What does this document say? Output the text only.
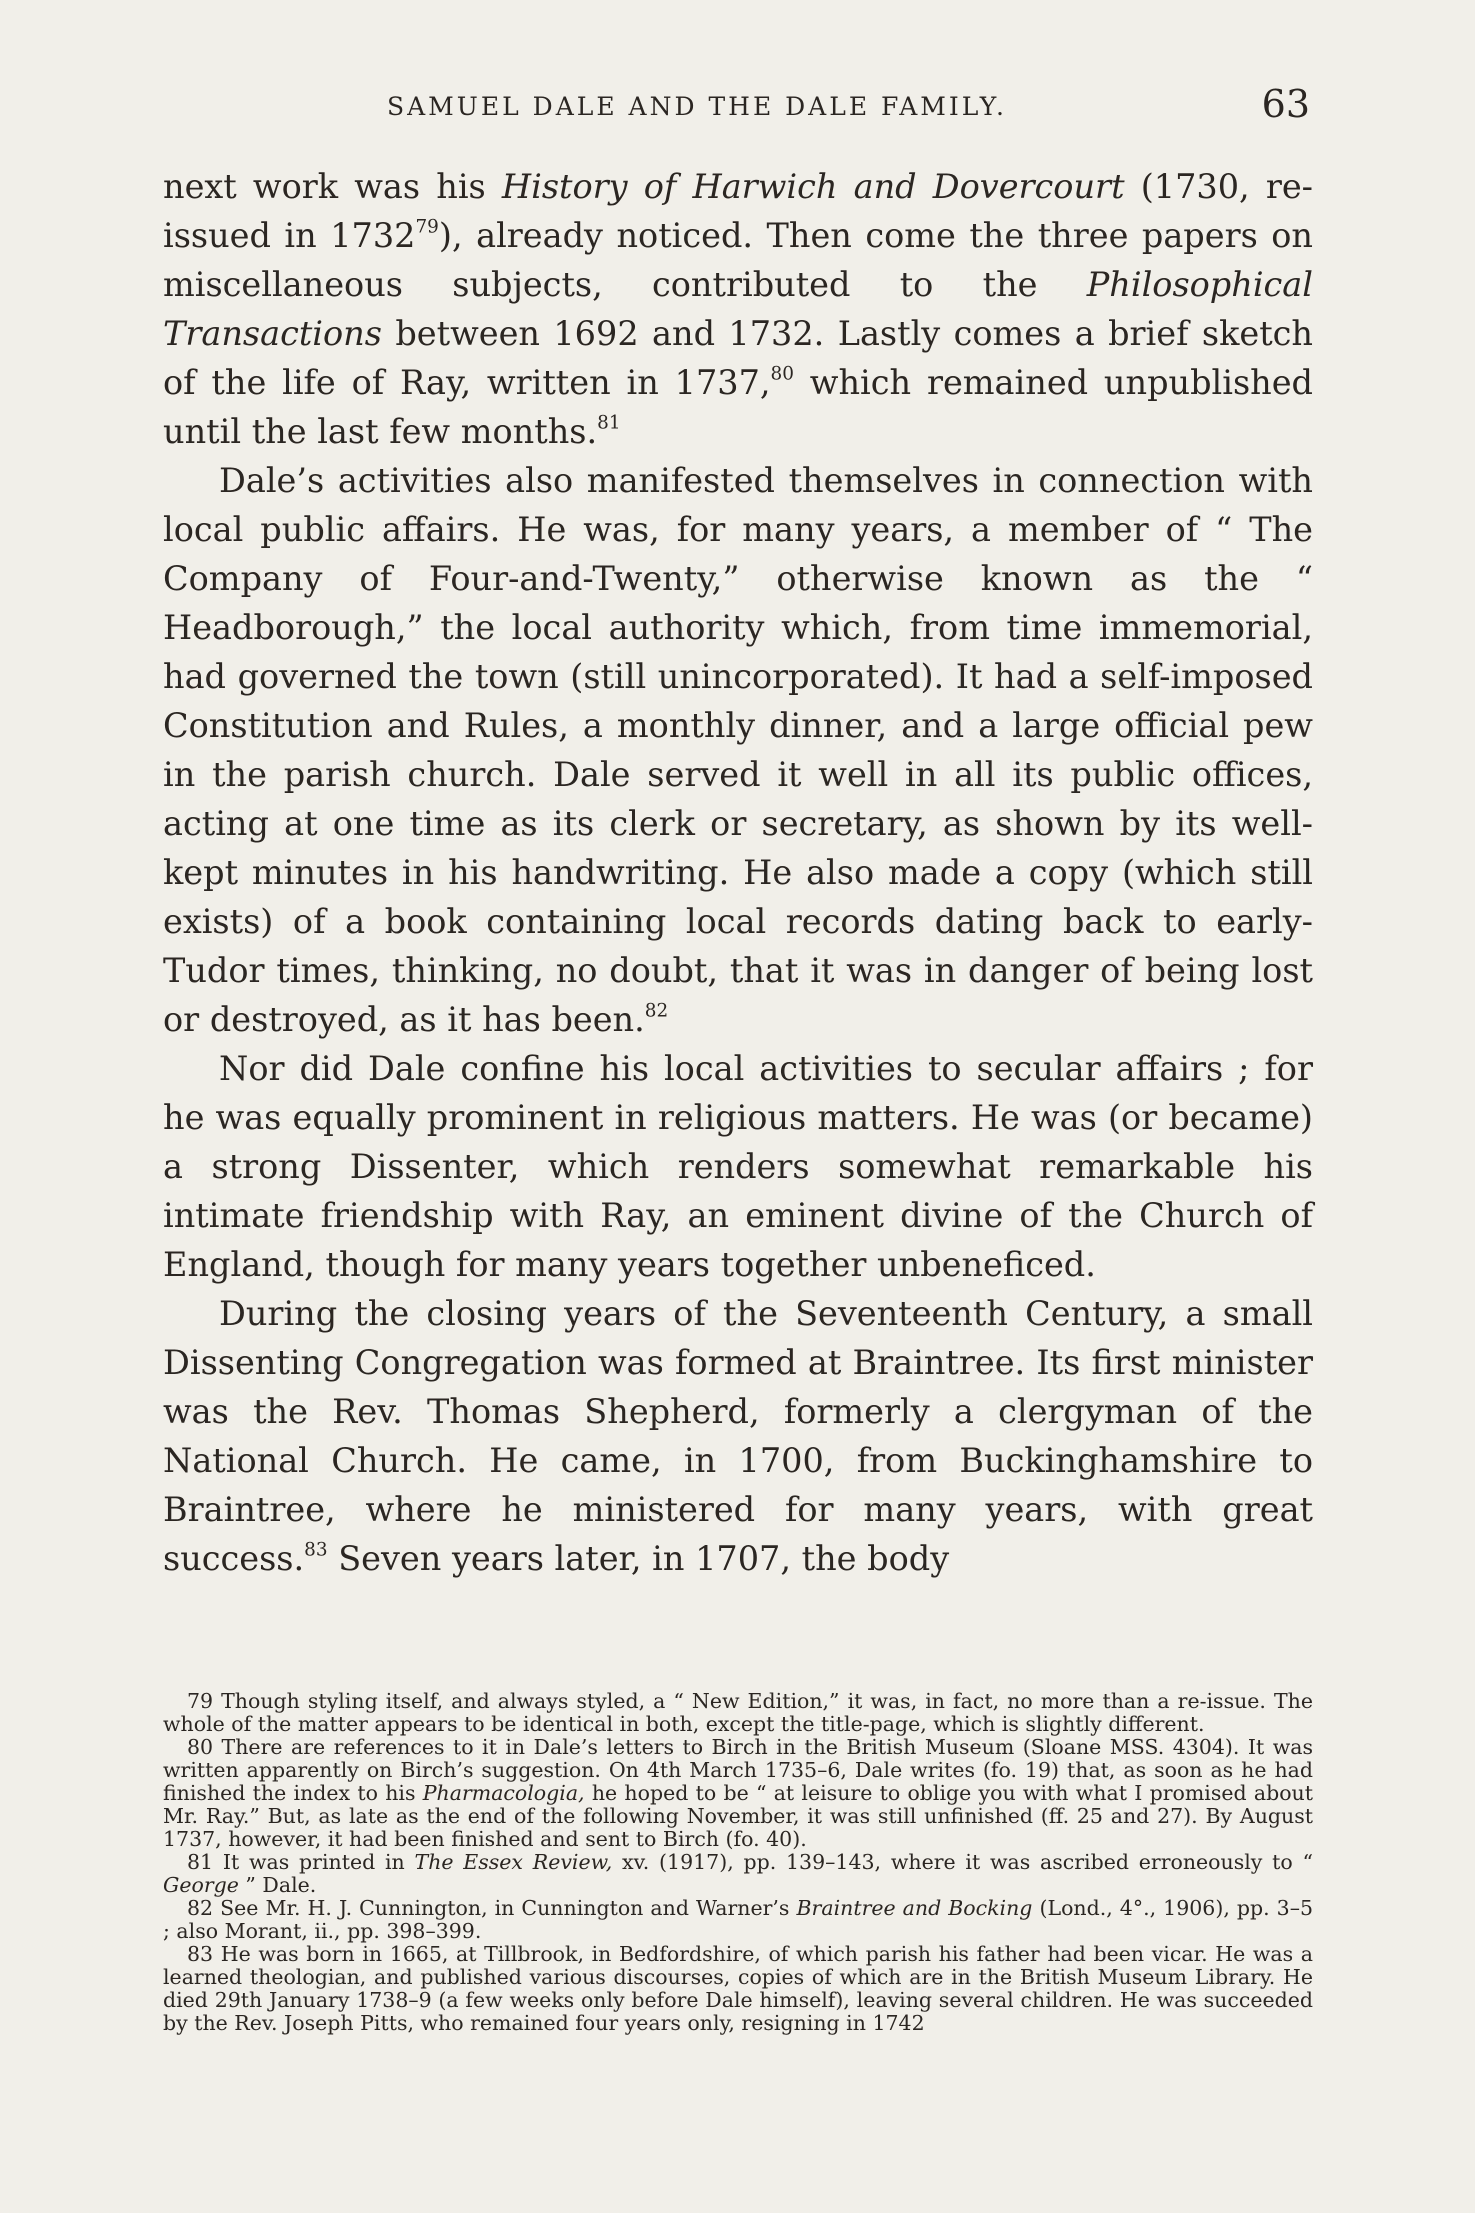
SAMUEL DALE AND THE DALE FAMILY.	63

next work was his History of Harwich and Dovercourt (1730, re-issued in 1732$^{79}$), already noticed. Then come the three papers on miscellaneous subjects, contributed to the Philosophical Transactions between 1692 and 1732. Lastly comes a brief sketch of the life of Ray, written in 1737,80 which remained unpublished until the last few months.$^{81}$

Dale’s activities also manifested themselves in connection with local public affairs. He was, for many years, a member of “ The Company of Four-and-Twenty,” otherwise known as the “ Headborough,” the local authority which, from time immemorial, had governed the town (still unincorporated). It had a self-imposed Constitution and Rules, a monthly dinner, and a large official pew in the parish church. Dale served it well in all its public offices, acting at one time as its clerk or secretary, as shown by its well-kept minutes in his handwriting. He also made a copy (which still exists) of a book containing local records dating back to early-Tudor times, thinking, no doubt, that it was in danger of being lost or destroyed, as it has been.$^{82}$

Nor did Dale confine his local activities to secular affairs ; for he was equally prominent in religious matters. He was (or became) a strong Dissenter, which renders somewhat remarkable his intimate friendship with Ray, an eminent divine of the Church of England, though for many years together unbeneficed.

During the closing years of the Seventeenth Century, a small Dissenting Congregation was formed at Braintree. Its first minister was the Rev. Thomas Shepherd, formerly a clergyman of the National Church. He came, in 1700, from Buckinghamshire to Braintree, where he ministered for many years, with great success.$^{83}$ Seven years later, in 1707, the body

79 Though styling itself, and always styled, a “ New Edition,” it was, in fact, no more than a re-issue. The whole of the matter appears to be identical in both, except the title-page, which is slightly different.

80 There are references to it in Dale’s letters to Birch in the British Museum (Sloane MSS. 4304). It was written apparently on Birch’s suggestion. On 4th March 1735–6, Dale writes (fo. 19) that, as soon as he had finished the index to his Pharmacologia, he hoped to be “ at leisure to oblige you with what I promised about Mr. Ray.” But, as late as the end of the following November, it was still unfinished (ff. 25 and 27). By August 1737, however, it had been finished and sent to Birch (fo. 40).

81 It was printed in The Essex Review, xv. (1917), pp. 139–143, where it was ascribed erroneously to “ George ” Dale.

82 See Mr. H. J. Cunnington, in Cunnington and Warner’s Braintree and Bocking (Lond., 4°., 1906), pp. 3–5 ; also Morant, ii., pp. 398–399.

83 He was born in 1665, at Tillbrook, in Bedfordshire, of which parish his father had been vicar. He was a learned theologian, and published various discourses, copies of which are in the British Museum Library. He died 29th January 1738–9 (a few weeks only before Dale himself), leaving several children. He was succeeded by the Rev. Joseph Pitts, who remained four years only, resigning in 1742
